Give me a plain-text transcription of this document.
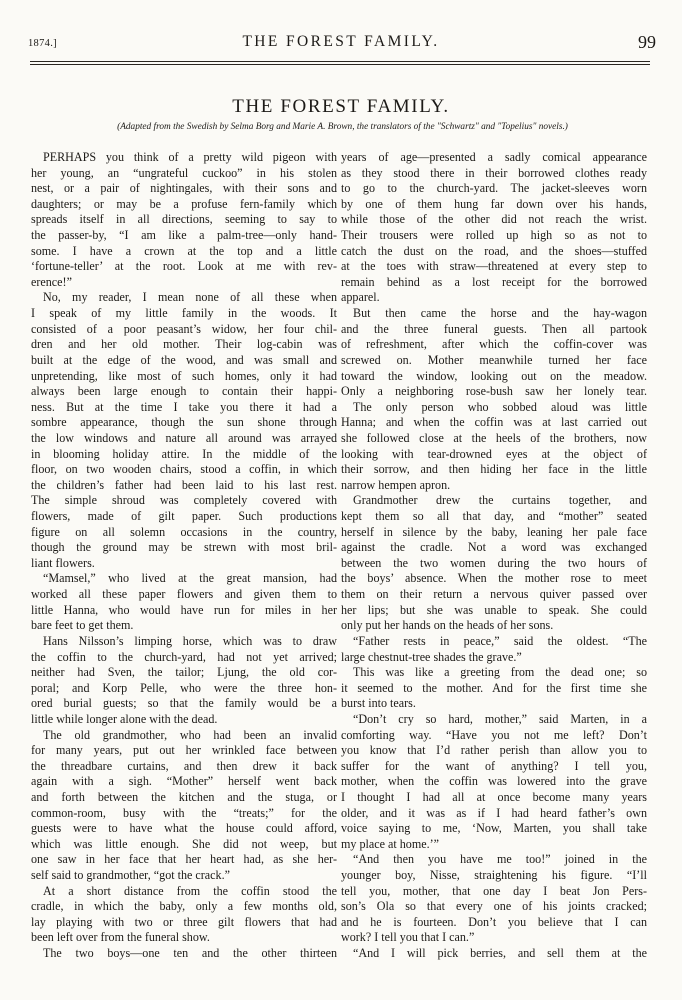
1874.]	THE FOREST FAMILY.	99
THE FOREST FAMILY.
(Adapted from the Swedish by Selma Borg and Marie A. Brown, the translators of the "Schwartz" and "Topelius" novels.)
PERHAPS you think of a pretty wild pigeon with
her young, an “ungrateful cuckoo” in his stolen
nest, or a pair of nightingales, with their sons and
daughters; or may be a profuse fern-family which
spreads itself in all directions, seeming to say to
the passer-by, “I am like a palm-tree—only hand-
some. I have a crown at the top and a little
‘fortune-teller’ at the root. Look at me with rev-
erence!”
No, my reader, I mean none of all these when
I speak of my little family in the woods. It
consisted of a poor peasant’s widow, her four chil-
dren and her old mother. Their log-cabin was
built at the edge of the wood, and was small and
unpretending, like most of such homes, only it had
always been large enough to contain their happi-
ness. But at the time I take you there it had a
sombre appearance, though the sun shone through
the low windows and nature all around was arrayed
in blooming holiday attire. In the middle of the
floor, on two wooden chairs, stood a coffin, in which
the children’s father had been laid to his last rest.
The simple shroud was completely covered with
flowers, made of gilt paper. Such productions
figure on all solemn occasions in the country,
though the ground may be strewn with most bril-
liant flowers.
“Mamsel,” who lived at the great mansion, had
worked all these paper flowers and given them to
little Hanna, who would have run for miles in her
bare feet to get them.
Hans Nilsson’s limping horse, which was to draw
the coffin to the church-yard, had not yet arrived;
neither had Sven, the tailor; Ljung, the old cor-
poral; and Korp Pelle, who were the three hon-
ored burial guests; so that the family would be a
little while longer alone with the dead.
The old grandmother, who had been an invalid
for many years, put out her wrinkled face between
the threadbare curtains, and then drew it back
again with a sigh. “Mother” herself went back
and forth between the kitchen and the stuga, or
common-room, busy with the “treats;” for the
guests were to have what the house could afford,
which was little enough. She did not weep, but
one saw in her face that her heart had, as she her-
self said to grandmother, “got the crack.”
At a short distance from the coffin stood the
cradle, in which the baby, only a few months old,
lay playing with two or three gilt flowers that had
been left over from the funeral show.
The two boys—one ten and the other thirteen
years of age—presented a sadly comical appearance
as they stood there in their borrowed clothes ready
to go to the church-yard. The jacket-sleeves worn
by one of them hung far down over his hands,
while those of the other did not reach the wrist.
Their trousers were rolled up high so as not to
catch the dust on the road, and the shoes—stuffed
at the toes with straw—threatened at every step to
remain behind as a lost receipt for the borrowed
apparel.
But then came the horse and the hay-wagon
and the three funeral guests. Then all partook
of refreshment, after which the coffin-cover was
screwed on. Mother meanwhile turned her face
toward the window, looking out on the meadow.
Only a neighboring rose-bush saw her lonely tear.
The only person who sobbed aloud was little
Hanna; and when the coffin was at last carried out
she followed close at the heels of the brothers, now
looking with tear-drowned eyes at the object of
their sorrow, and then hiding her face in the little
narrow hempen apron.
Grandmother drew the curtains together, and
kept them so all that day, and “mother” seated
herself in silence by the baby, leaning her pale face
against the cradle. Not a word was exchanged
between the two women during the two hours of
the boys’ absence. When the mother rose to meet
them on their return a nervous quiver passed over
her lips; but she was unable to speak. She could
only put her hands on the heads of her sons.
“Father rests in peace,” said the oldest. “The
large chestnut-tree shades the grave.”
This was like a greeting from the dead one; so
it seemed to the mother. And for the first time she
burst into tears.
“Don’t cry so hard, mother,” said Marten, in a
comforting way. “Have you not me left? Don’t
you know that I’d rather perish than allow you to
suffer for the want of anything? I tell you,
mother, when the coffin was lowered into the grave
I thought I had all at once become many years
older, and it was as if I had heard father’s own
voice saying to me, ‘Now, Marten, you shall take
my place at home.’”
“And then you have me too!” joined in the
younger boy, Nisse, straightening his figure. “I’ll
tell you, mother, that one day I beat Jon Pers-
son’s Ola so that every one of his joints cracked;
and he is fourteen. Don’t you believe that I can
work? I tell you that I can.”
“And I will pick berries, and sell them at the
